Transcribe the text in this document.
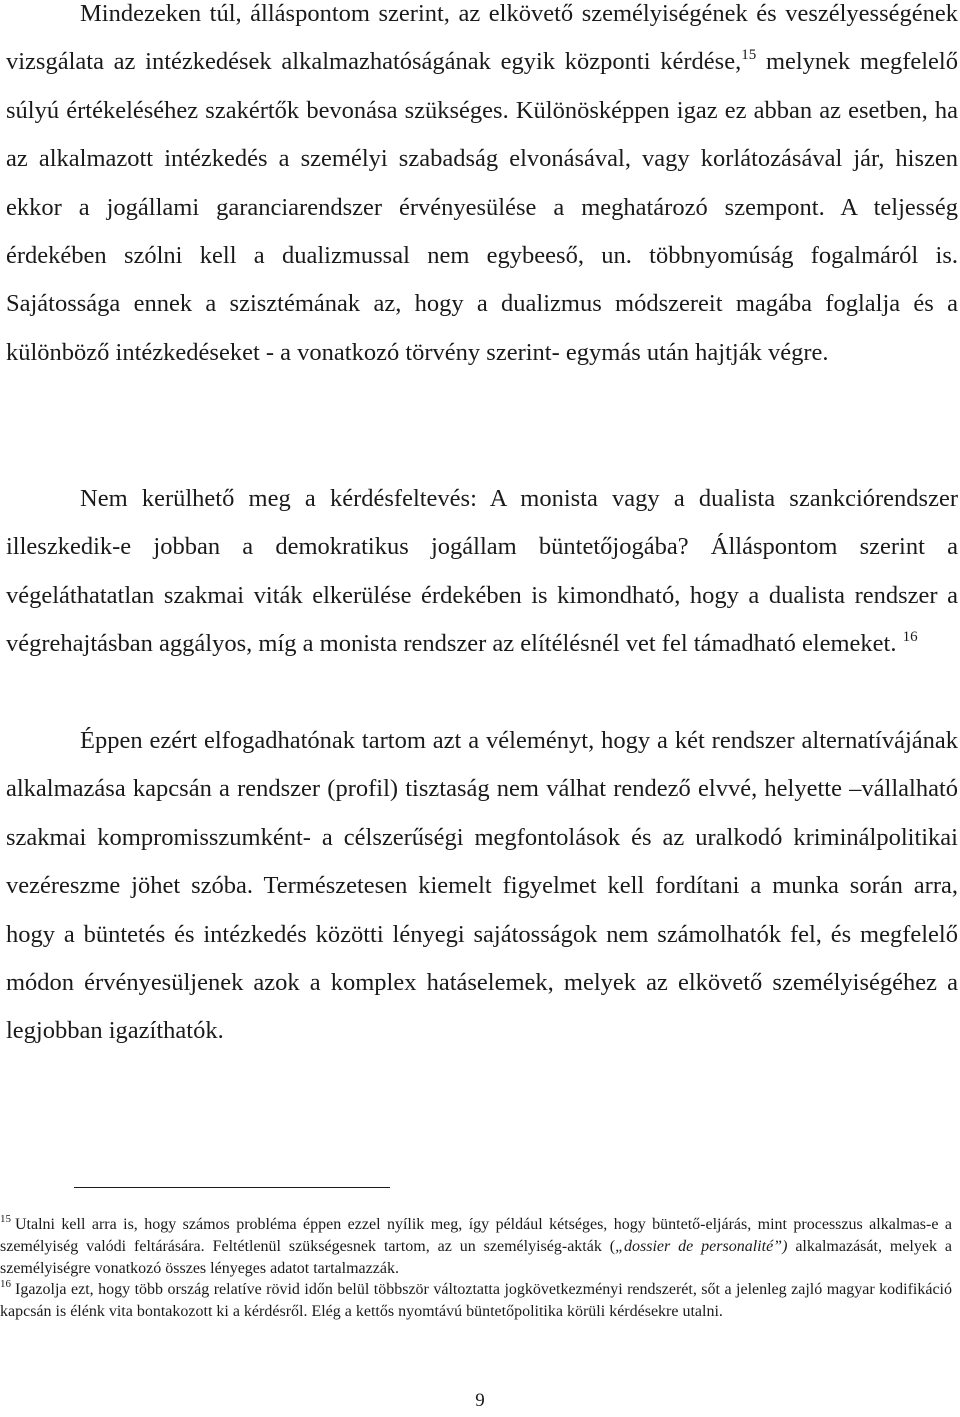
Mindezeken túl, álláspontom szerint, az elkövető személyiségének és veszélyességének vizsgálata az intézkedések alkalmazhatóságának egyik központi kérdése,$^{15}$ melynek megfelelő súlyú értékeléséhez szakértők bevonása szükséges. Különösképpen igaz ez abban az esetben, ha az alkalmazott intézkedés a személyi szabadság elvonásával, vagy korlátozásával jár, hiszen ekkor a jogállami garanciarendszer érvényesülése a meghatározó szempont. A teljesség érdekében szólni kell a dualizmussal nem egybeeső, un. többnyomúság fogalmáról is. Sajátossága ennek a szisztémának az, hogy a dualizmus módszereit magába foglalja és a különböző intézkedéseket - a vonatkozó törvény szerint- egymás után hajtják végre.

Nem kerülhető meg a kérdésfeltevés: A monista vagy a dualista szankciórendszer illeszkedik-e jobban a demokratikus jogállam büntetőjogába? Álláspontom szerint a végeláthatatlan szakmai viták elkerülése érdekében is kimondható, hogy a dualista rendszer a végrehajtásban aggályos, míg a monista rendszer az elítélésnél vet fel támadható elemeket. $^{16}$

Éppen ezért elfogadhatónak tartom azt a véleményt, hogy a két rendszer alternatívájának alkalmazása kapcsán a rendszer (profil) tisztaság nem válhat rendező elvvé, helyette –vállalható szakmai kompromisszumként- a célszerűségi megfontolások és az uralkodó kriminálpolitikai vezéreszme jöhet szóba. Természetesen kiemelt figyelmet kell fordítani a munka során arra, hogy a büntetés és intézkedés közötti lényegi sajátosságok nem számolhatók fel, és megfelelő módon érvényesüljenek azok a komplex hatáselemek, melyek az elkövető személyiségéhez a legjobban igazíthatók.

$^{15}$ Utalni kell arra is, hogy számos probléma éppen ezzel nyílik meg, így például kétséges, hogy büntető-eljárás, mint processzus alkalmas-e a személyiség valódi feltárására. Feltétlenül szükségesnek tartom, az un személyiség-akták („dossier de personalité”) alkalmazását, melyek a személyiségre vonatkozó összes lényeges adatot tartalmazzák.

$^{16}$ Igazolja ezt, hogy több ország relatíve rövid időn belül többször változtatta jogkövetkezményi rendszerét, sőt a jelenleg zajló magyar kodifikáció kapcsán is élénk vita bontakozott ki a kérdésről. Elég a kettős nyomtávú büntetőpolitika körüli kérdésekre utalni.

9
